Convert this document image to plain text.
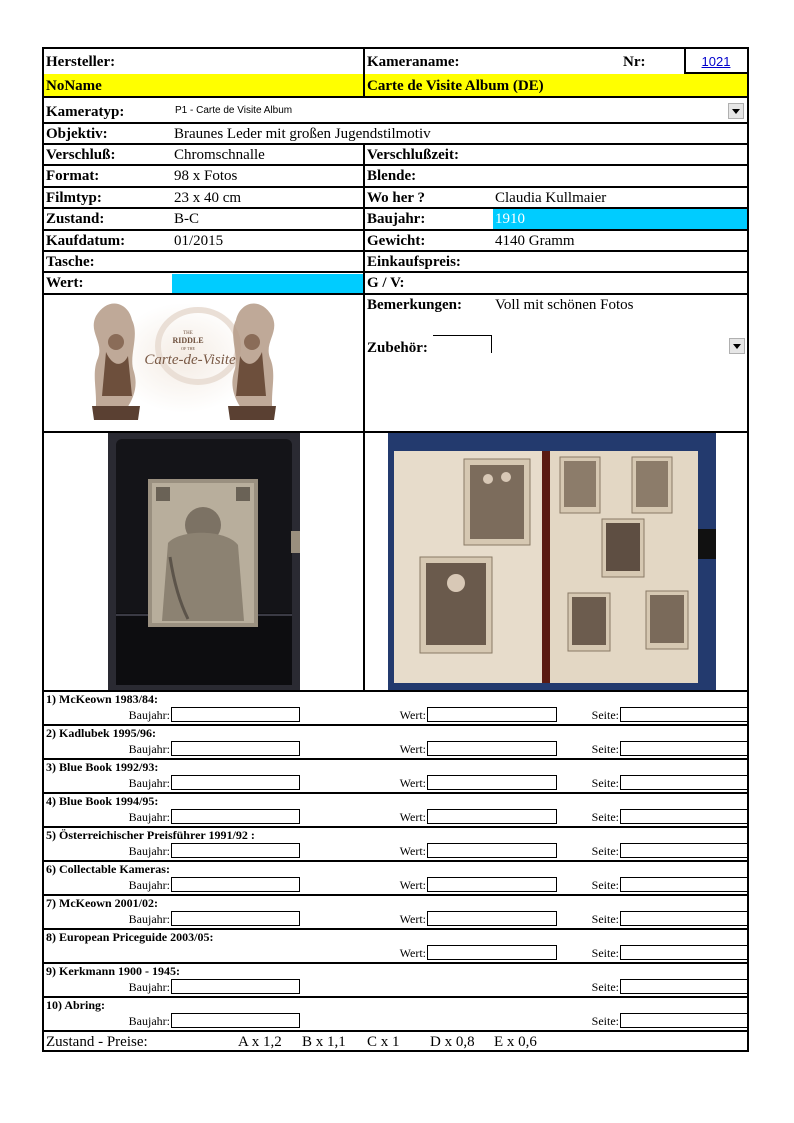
Hersteller:
NoName
Kameraname:
Carte de Visite Album (DE)
Nr:	1021
Kameratyp:	P1 - Carte de Visite Album
Objektiv:	Braunes Leder mit großen Jugendstilmotiv
Verschluß:	Chromschnalle
Format:	98 x Fotos
Filmtyp:	23 x 40 cm
Zustand:	B-C
Kaufdatum:	01/2015
Tasche:
Wert:
Verschlußzeit:
Blende:
Wo her ?	Claudia Kullmaier
Baujahr:	1910
Gewicht:	4140 Gramm
Einkaufspreis:
G / V:
Bemerkungen: Voll mit schönen Fotos
Zubehör:
THE
RIDDLE
OF THE
Carte-de-Visite
1) McKeown 1983/84:
Baujahr:	Wert:	Seite:
2) Kadlubek 1995/96:
Baujahr:	Wert:	Seite:
3) Blue Book 1992/93:
Baujahr:	Wert:	Seite:
4) Blue Book 1994/95:
Baujahr:	Wert:	Seite:
5) Österreichischer Preisführer 1991/92 :
Baujahr:	Wert:	Seite:
6) Collectable Kameras:
Baujahr:	Wert:	Seite:
7) McKeown 2001/02:
Baujahr:	Wert:	Seite:
8) European Priceguide 2003/05:
Wert:	Seite:
9) Kerkmann 1900 - 1945:
Baujahr:	Seite:
10) Abring:
Baujahr:	Seite:
Zustand - Preise:	A x 1,2 B x 1,1 C x 1 D x 0,8 E x 0,6
